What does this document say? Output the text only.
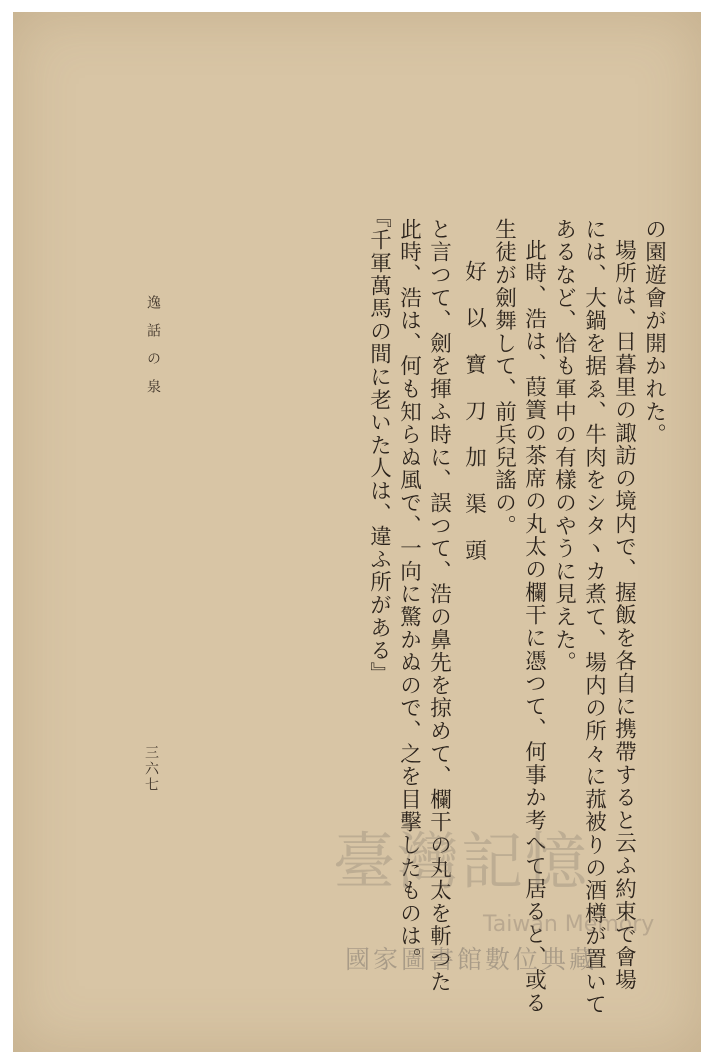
の園遊會が開かれた。
場所は、日暮里の諏訪の境内で、握飯を各自に携帶すると云ふ約束で會場
には、大鍋を据ゑ、牛肉をシタヽカ煮て、場内の所々に菰被りの酒樽が置いて
あるなど、恰も軍中の有樣のやうに見えた。
此時、浩は、葭簀の茶席の丸太の欄干に憑つて、何事か考へて居ると、或る
生徒が劍舞して、前兵兒謠の。
好 以 寶 刀 加 渠 頭
と言つて、劍を揮ふ時に、誤つて、浩の鼻先を掠めて、欄干の丸太を斬つた
此時、浩は、何も知らぬ風で、一向に驚かぬので、之を目擊したものは。
『千軍萬馬の間に老いた人は、違ふ所がある』
逸話の泉
三六七
臺灣記憶
Taiwan Memory
國家圖書館數位典藏
